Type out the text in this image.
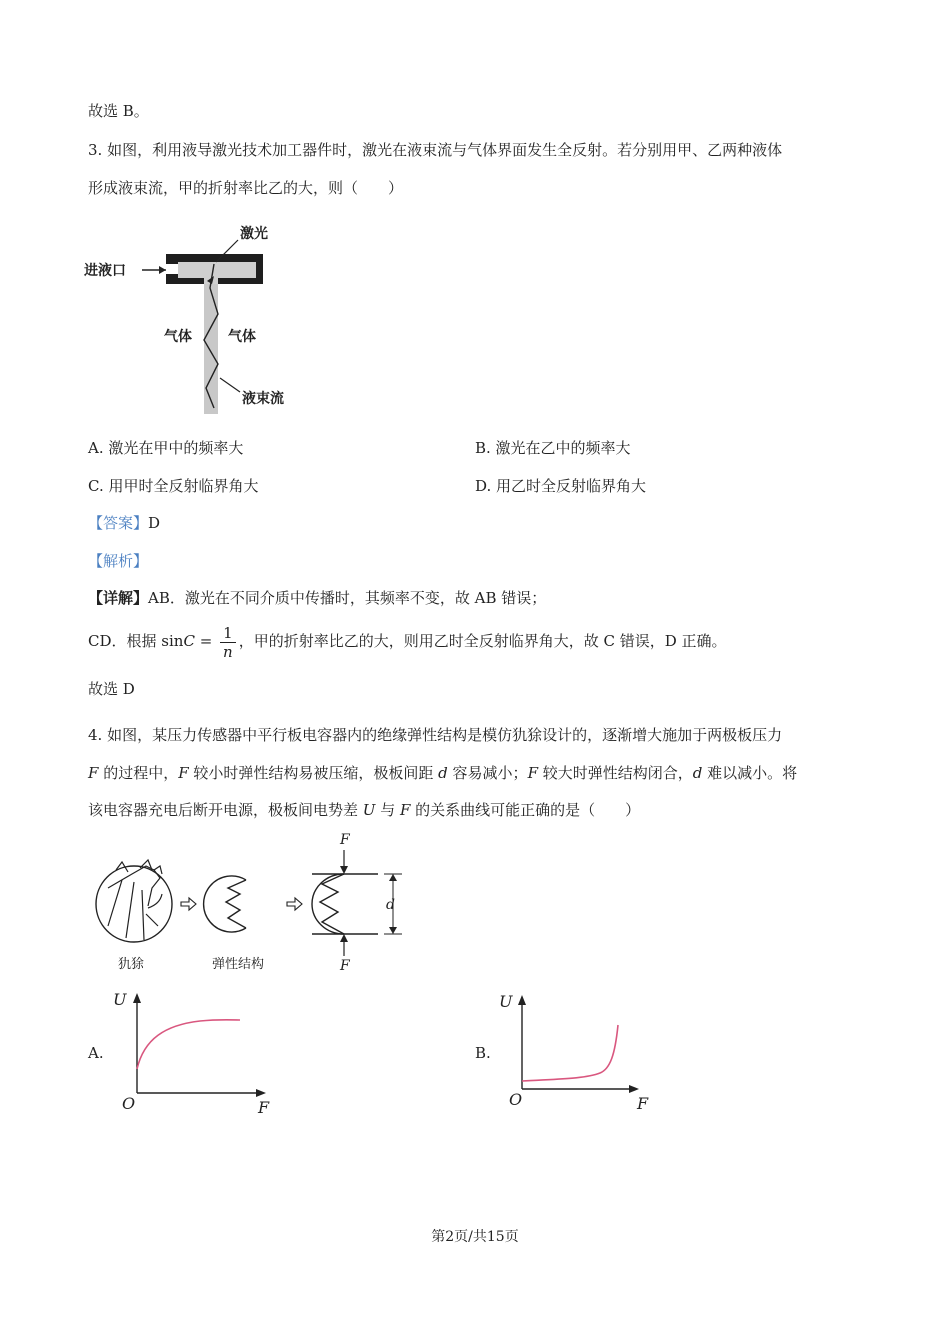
故选 B。
3. 如图，利用液导激光技术加工器件时，激光在液束流与气体界面发生全反射。若分别用甲、乙两种液体
形成液束流，甲的折射率比乙的大，则（　　）
激光
进液口
气体	气体
液束流
A. 激光在甲中的频率大	B. 激光在乙中的频率大
C. 用甲时全反射临界角大	D. 用乙时全反射临界角大
【答案】D
【解析】
【详解】AB．激光在不同介质中传播时，其频率不变，故 AB 错误；
CD．根据 $\sin C = \frac{1}{n}$ ，甲的折射率比乙的大，则用乙时全反射临界角大，故 C 错误，D 正确。
故选 D
4. 如图，某压力传感器中平行板电容器内的绝缘弹性结构是模仿犰狳设计的，逐渐增大施加于两极板压力
F 的过程中，F 较小时弹性结构易被压缩，极板间距 d 容易减小；F 较大时弹性结构闭合，d 难以减小。将
该电容器充电后断开电源，极板间电势差 U 与 F 的关系曲线可能正确的是（　　）
F
F
d
犰狳	弹性结构
A.
U
O	F
B.
U
O	F
第2页/共15页
